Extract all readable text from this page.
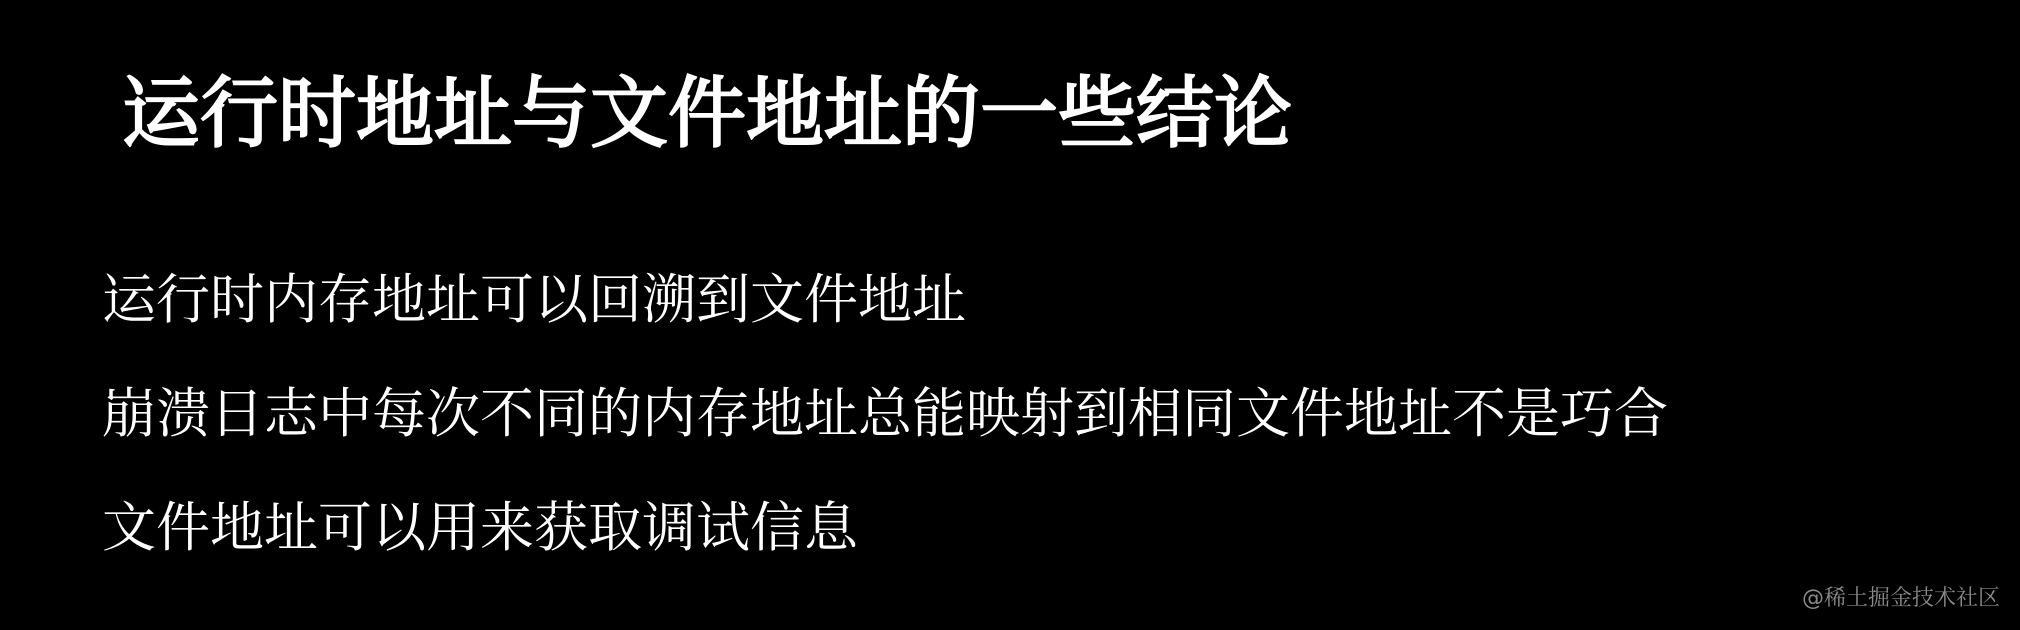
运行时地址与文件地址的一些结论
运行时内存地址可以回溯到文件地址
崩溃日志中每次不同的内存地址总能映射到相同文件地址不是巧合
文件地址可以用来获取调试信息
@稀土掘金技术社区
